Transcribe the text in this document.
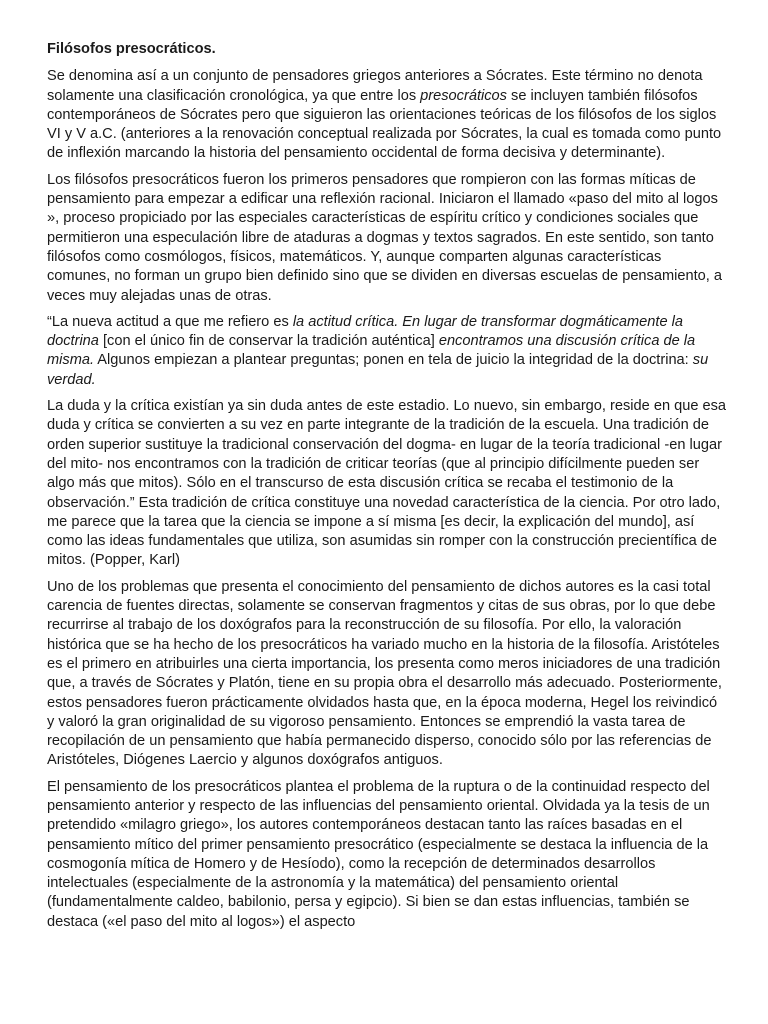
Filósofos presocráticos.

Se denomina así a un conjunto de pensadores griegos anteriores a Sócrates. Este término no denota solamente una clasificación cronológica, ya que entre los presocráticos se incluyen también filósofos contemporáneos de Sócrates pero que siguieron las orientaciones teóricas de los filósofos de los siglos VI y V a.C. (anteriores a la renovación conceptual realizada por Sócrates, la cual es tomada como punto de inflexión marcando la historia del pensamiento occidental de forma decisiva y determinante).

Los filósofos presocráticos fueron los primeros pensadores que rompieron con las formas míticas de pensamiento para empezar a edificar una reflexión racional. Iniciaron el llamado «paso del mito al logos », proceso propiciado por las especiales características de espíritu crítico y condiciones sociales que permitieron una especulación libre de ataduras a dogmas y textos sagrados. En este sentido, son tanto filósofos como cosmólogos, físicos, matemáticos. Y, aunque comparten algunas características comunes, no forman un grupo bien definido sino que se dividen en diversas escuelas de pensamiento, a veces muy alejadas unas de otras.

“La nueva actitud a que me refiero es la actitud crítica. En lugar de transformar dogmáticamente la doctrina [con el único fin de conservar la tradición auténtica] encontramos una discusión crítica de la misma. Algunos empiezan a plantear preguntas; ponen en tela de juicio la integridad de la doctrina: su verdad.

La duda y la crítica existían ya sin duda antes de este estadio. Lo nuevo, sin embargo, reside en que esa duda y crítica se convierten a su vez en parte integrante de la tradición de la escuela. Una tradición de orden superior sustituye la tradicional conservación del dogma- en lugar de la teoría tradicional -en lugar del mito- nos encontramos con la tradición de criticar teorías (que al principio difícilmente pueden ser algo más que mitos). Sólo en el transcurso de esta discusión crítica se recaba el testimonio de la observación.” Esta tradición de crítica constituye una novedad característica de la ciencia. Por otro lado, me parece que la tarea que la ciencia se impone a sí misma [es decir, la explicación del mundo], así como las ideas fundamentales que utiliza, son asumidas sin romper con la construcción precientífica de mitos. (Popper, Karl)

Uno de los problemas que presenta el conocimiento del pensamiento de dichos autores es la casi total carencia de fuentes directas, solamente se conservan fragmentos y citas de sus obras, por lo que debe recurrirse al trabajo de los doxógrafos para la reconstrucción de su filosofía. Por ello, la valoración histórica que se ha hecho de los presocráticos ha variado mucho en la historia de la filosofía. Aristóteles es el primero en atribuirles una cierta importancia, los presenta como meros iniciadores de una tradición que, a través de Sócrates y Platón, tiene en su propia obra el desarrollo más adecuado. Posteriormente, estos pensadores fueron prácticamente olvidados hasta que, en la época moderna, Hegel los reivindicó y valoró la gran originalidad de su vigoroso pensamiento. Entonces se emprendió la vasta tarea de recopilación de un pensamiento que había permanecido disperso, conocido sólo por las referencias de Aristóteles, Diógenes Laercio y algunos doxógrafos antiguos.

El pensamiento de los presocráticos plantea el problema de la ruptura o de la continuidad respecto del pensamiento anterior y respecto de las influencias del pensamiento oriental. Olvidada ya la tesis de un pretendido «milagro griego», los autores contemporáneos destacan tanto las raíces basadas en el pensamiento mítico del primer pensamiento presocrático (especialmente se destaca la influencia de la cosmogonía mítica de Homero y de Hesíodo), como la recepción de determinados desarrollos intelectuales (especialmente de la astronomía y la matemática) del pensamiento oriental (fundamentalmente caldeo, babilonio, persa y egipcio). Si bien se dan estas influencias, también se destaca («el paso del mito al logos») el aspecto
